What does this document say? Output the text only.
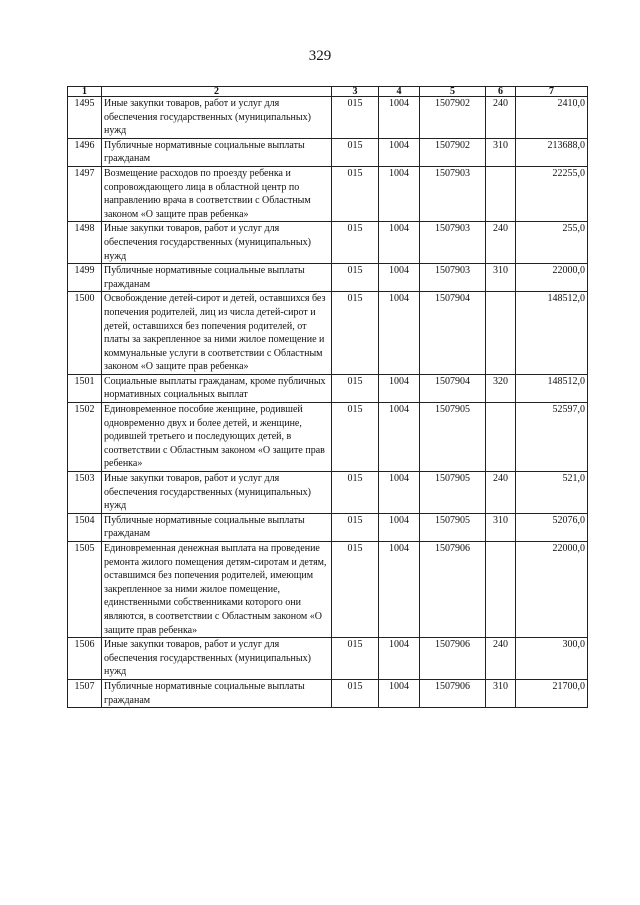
329
1	2	3	4	5	6	7
1495	Иные закупки товаров, работ и услуг для обеспечения государственных (муниципальных) нужд	015	1004	1507902	240	2410,0
1496	Публичные нормативные социальные выплаты гражданам	015	1004	1507902	310	213688,0
1497	Возмещение расходов по проезду ребенка и сопровождающего лица в областной центр по направлению врача в соответствии с Областным законом «О защите прав ребенка»	015	1004	1507903		22255,0
1498	Иные закупки товаров, работ и услуг для обеспечения государственных (муниципальных) нужд	015	1004	1507903	240	255,0
1499	Публичные нормативные социальные выплаты гражданам	015	1004	1507903	310	22000,0
1500	Освобождение детей-сирот и детей, оставшихся без попечения родителей, лиц из числа детей-сирот и детей, оставшихся без попечения родителей, от платы за закрепленное за ними жилое помещение и коммунальные услуги в соответствии с Областным законом «О защите прав ребенка»	015	1004	1507904		148512,0
1501	Социальные выплаты гражданам, кроме публичных нормативных социальных выплат	015	1004	1507904	320	148512,0
1502	Единовременное пособие женщине, родившей одновременно двух и более детей, и женщине, родившей третьего и последующих детей, в соответствии с Областным законом «О защите прав ребенка»	015	1004	1507905		52597,0
1503	Иные закупки товаров, работ и услуг для обеспечения государственных (муниципальных) нужд	015	1004	1507905	240	521,0
1504	Публичные нормативные социальные выплаты гражданам	015	1004	1507905	310	52076,0
1505	Единовременная денежная выплата на проведение ремонта жилого помещения детям-сиротам и детям, оставшимся без попечения родителей, имеющим закрепленное за ними жилое помещение, единственными собственниками которого они являются, в соответствии с Областным законом «О защите прав ребенка»	015	1004	1507906		22000,0
1506	Иные закупки товаров, работ и услуг для обеспечения государственных (муниципальных) нужд	015	1004	1507906	240	300,0
1507	Публичные нормативные социальные выплаты гражданам	015	1004	1507906	310	21700,0
